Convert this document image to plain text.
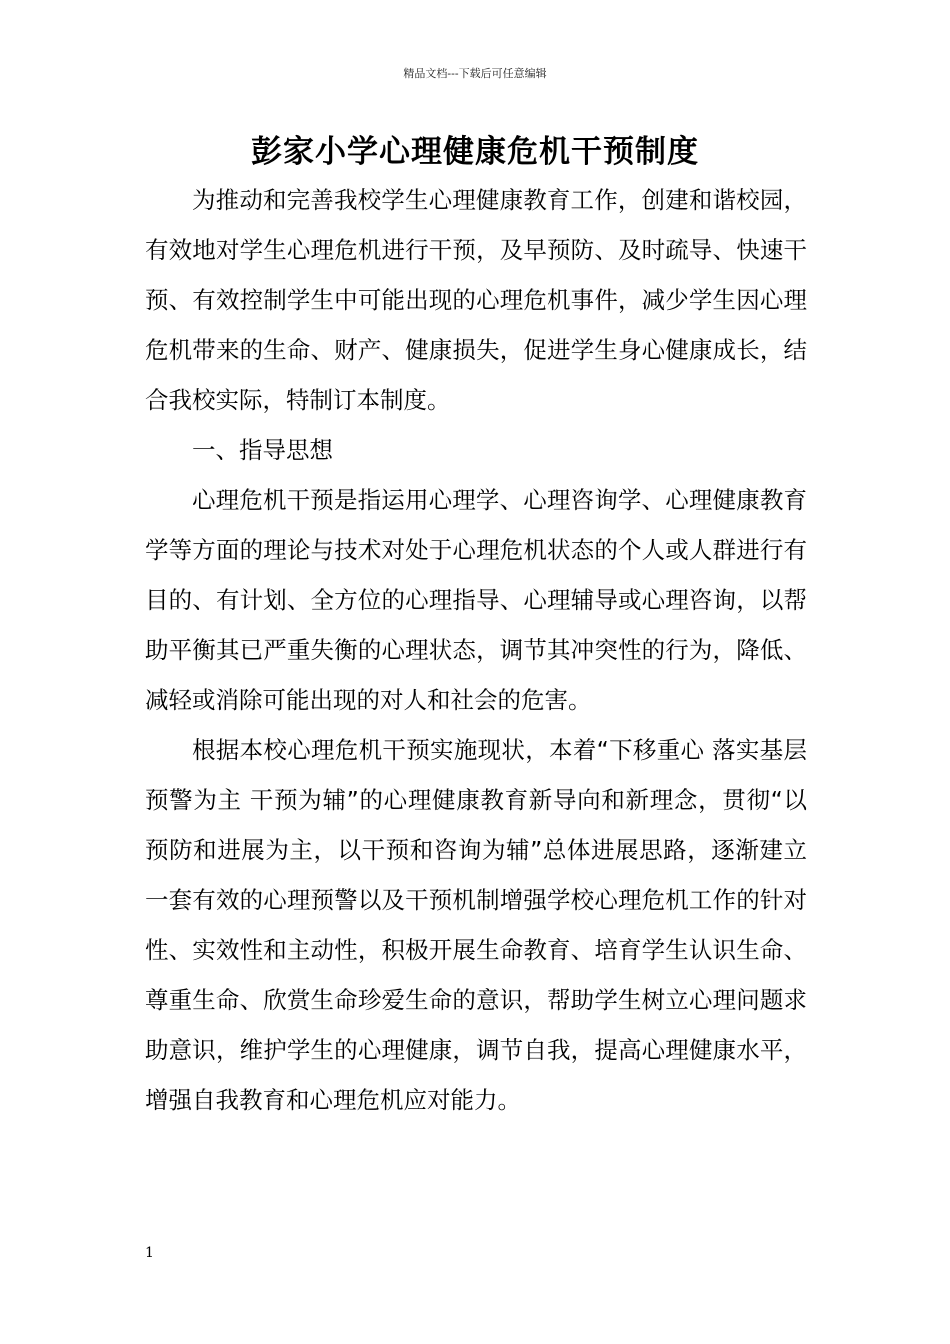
精品文档---下载后可任意编辑
彭家小学心理健康危机干预制度

为推动和完善我校学生心理健康教育工作，创建和谐校园，有效地对学生心理危机进行干预，及早预防、及时疏导、快速干预、有效控制学生中可能出现的心理危机事件，减少学生因心理危机带来的生命、财产、健康损失，促进学生身心健康成长，结合我校实际，特制订本制度。

一、指导思想

心理危机干预是指运用心理学、心理咨询学、心理健康教育学等方面的理论与技术对处于心理危机状态的个人或人群进行有目的、有计划、全方位的心理指导、心理辅导或心理咨询，以帮助平衡其已严重失衡的心理状态，调节其冲突性的行为，降低、减轻或消除可能出现的对人和社会的危害。

根据本校心理危机干预实施现状，本着“下移重心 落实基层 预警为主 干预为辅”的心理健康教育新导向和新理念，贯彻“以预防和进展为主，以干预和咨询为辅”总体进展思路，逐渐建立一套有效的心理预警以及干预机制增强学校心理危机工作的针对性、实效性和主动性，积极开展生命教育、培育学生认识生命、尊重生命、欣赏生命珍爱生命的意识，帮助学生树立心理问题求助意识，维护学生的心理健康，调节自我，提高心理健康水平，增强自我教育和心理危机应对能力。

1
